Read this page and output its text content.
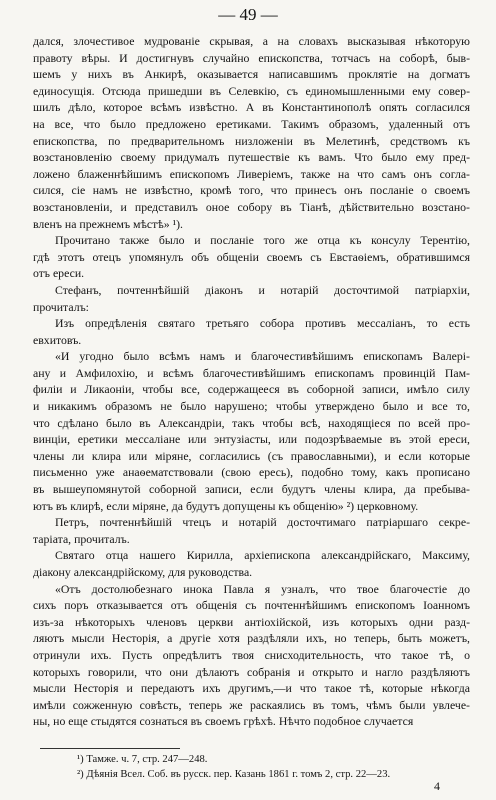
— 49 —

дался, злочестивое мудрованіе скрывая, а на словахъ высказывая нѣкоторую
правоту вѣры. И достигнувъ случайно епископства, тотчасъ на соборѣ, быв-
шемъ у нихъ въ Анкирѣ, оказывается написавшимъ проклятіе на догматъ
единосущія. Отсюда пришедши въ Селевкію, съ единомышленными ему совер-
шилъ дѣло, которое всѣмъ извѣстно. А въ Константинополѣ опять согласился
на все, что было предложено еретиками. Такимъ образомъ, удаленный отъ
епископства, по предварительномъ низложеніи въ Мелетинѣ, средствомъ къ
возстановленію своему придумалъ путешествіе къ вамъ. Что было ему пред-
ложено блаженнѣйшимъ епископомъ Ливеріемъ, также на что самъ онъ согла-
сился, сіе намъ не извѣстно, кромѣ того, что принесъ онъ посланіе о своемъ
возстановленіи, и представилъ оное собору въ Тіанѣ, дѣйствительно возстано-
вленъ на прежнемъ мѣстѣ» ¹).

Прочитано также было и посланіе того же отца къ консулу Терентію,
гдѣ этотъ отецъ упомянулъ объ общеніи своемъ съ Евстаѳіемъ, обратившимся
отъ ереси.

Стефанъ, почтеннѣйшій діаконъ и нотарій досточтимой патріархіи,
прочиталъ:

Изъ опредѣленія святаго третьяго собора противъ мессаліанъ, то есть
евхитовъ.

«И угодно было всѣмъ намъ и благочестивѣйшимъ епископамъ Валері-
ану и Амфилохію, и всѣмъ благочестивѣйшимъ епископамъ провинцій Пам-
филіи и Ликаоніи, чтобы все, содержащееся въ соборной записи, имѣло силу
и никакимъ образомъ не было нарушено; чтобы утверждено было и все то,
что сдѣлано было въ Александріи, такъ чтобы всѣ, находящіеся по всей про-
винціи, еретики мессаліане или энтузіасты, или подозрѣваемые въ этой ереси,
члены ли клира или міряне, согласились (съ православными), и если которые
письменно уже анаѳематствовали (свою ересь), подобно тому, какъ прописано
въ вышеупомянутой соборной записи, если будутъ члены клира, да пребыва-
ютъ въ клирѣ, если міряне, да будутъ допущены къ общенію» ²) церковному.

Петръ, почтеннѣйшій чтецъ и нотарій досточтимаго патріаршаго секре-
таріата, прочиталъ.

Святаго отца нашего Кирилла, архіепископа александрійскаго, Максиму,
діакону александрійскому, для руководства.

«Отъ достолюбезнаго инока Павла я узналъ, что твое благочестіе до
сихъ поръ отказывается отъ общенія съ почтеннѣйшимъ епископомъ Іоанномъ
изъ-за нѣкоторыхъ членовъ церкви антіохійской, изъ которыхъ одни разд-
ляютъ мысли Несторія, а другіе хотя раздѣляли ихъ, но теперь, быть можетъ,
отринули ихъ. Пусть опредѣлитъ твоя снисходительность, что такое тѣ, о
которыхъ говорили, что они дѣлаютъ собранія и открыто и нагло раздѣляютъ
мысли Несторія и передаютъ ихъ другимъ,—и что такое тѣ, которые нѣкогда
имѣли сожженную совѣсть, теперь же раскаялись въ томъ, чѣмъ были увлече-
ны, но еще стыдятся сознаться въ своемъ грѣхѣ. Нѣчто подобное случается

¹) Тамже. ч. 7, стр. 247—248.
²) Дѣянія Всел. Соб. въ русск. пер. Казань 1861 г. томъ 2, стр. 22—23.
4
